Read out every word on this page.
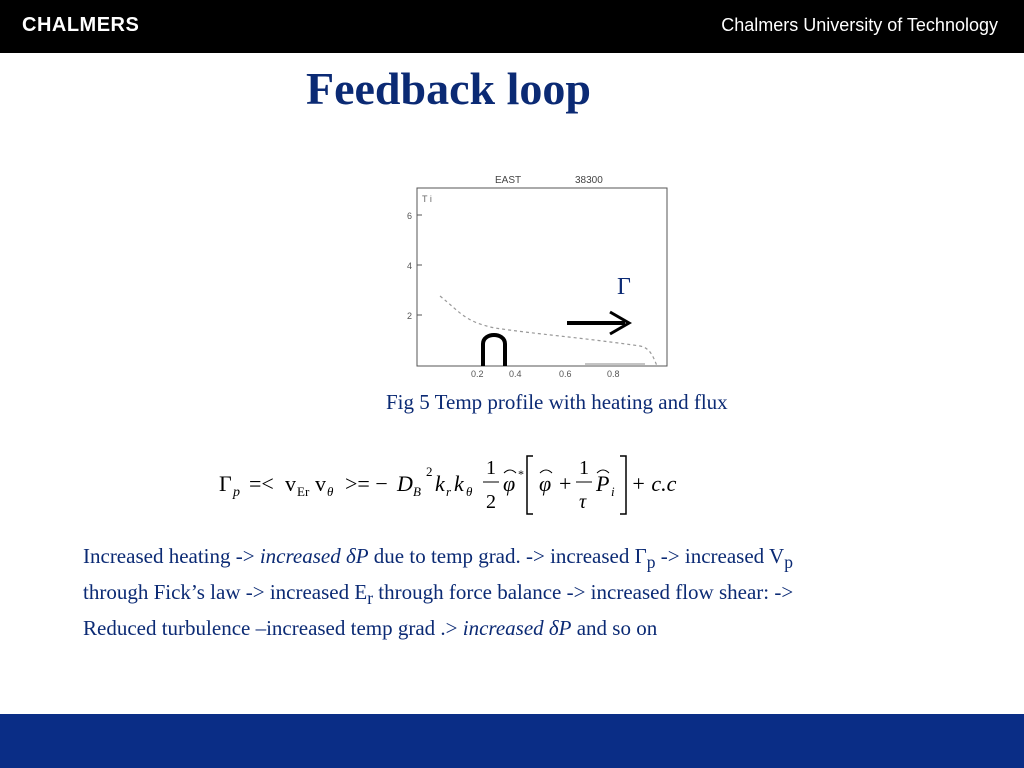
CHALMERS	Chalmers University of Technology
Feedback loop
EAST	38300
T i
6
4
2
0.2	0.4	0.6	0.8
Γ
Fig 5 Temp profile with heating and flux
Γ p =< v Er v θ >= − D B
2 k r k θ
1
2
φ * φ +
1
τ
P i + c.c
Increased heating -> increased δP due to temp grad. -> increased $\Gamma_p$ -> increased $V_p$
through Fick’s law -> increased $E_r$ through force balance -> increased flow shear: ->
Reduced turbulence –increased temp grad .> increased δP and so on
